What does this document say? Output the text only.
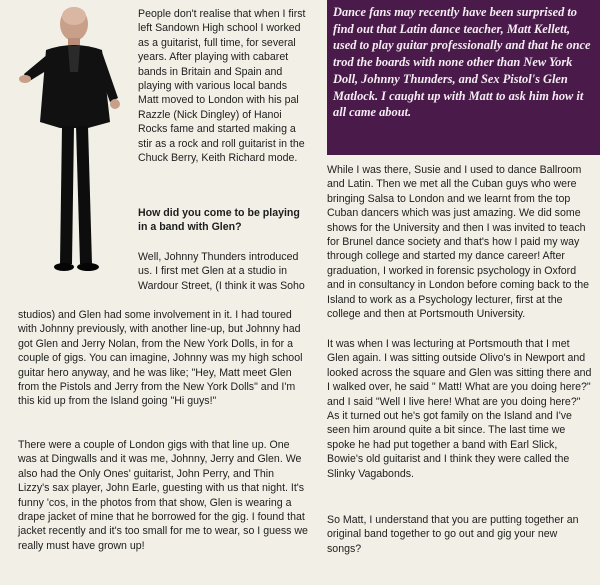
People don't realise that when I first left Sandown High school I worked as a guitarist, full time, for several years. After playing with cabaret bands in Britain and Spain and playing with various local bands Matt moved to London with his pal Razzle (Nick Dingley) of Hanoi Rocks fame and started making a stir as a rock and roll guitarist in the Chuck Berry, Keith Richard mode.

How did you come to be playing in a band with Glen?

Well, Johnny Thunders introduced us. I first met Glen at a studio in Wardour Street, (I think it was Soho

studios) and Glen had some involvement in it. I had toured with Johnny previously, with another line-up, but Johnny had got Glen and Jerry Nolan, from the New York Dolls, in for a couple of gigs. You can imagine, Johnny was my high school guitar hero anyway, and he was like; "Hey, Matt meet Glen from the Pistols and Jerry from the New York Dolls" and I'm this kid up from the Island going "Hi guys!"

There were a couple of London gigs with that line up. One was at Dingwalls and it was me, Johnny, Jerry and Glen. We also had the Only Ones' guitarist, John Perry, and Thin Lizzy's sax player, John Earle, guesting with us that night. It's funny 'cos, in the photos from that show, Glen is wearing a drape jacket of mine that he borrowed for the gig. I found that jacket recently and it's too small for me to wear, so I guess we really must have grown up!

Dance fans may recently have been surprised to find out that Latin dance teacher, Matt Kellett, used to play guitar professionally and that he once trod the boards with none other than New York Doll, Johnny Thunders, and Sex Pistol's Glen Matlock. I caught up with Matt to ask him how it all came about.

While I was there, Susie and I used to dance Ballroom and Latin. Then we met all the Cuban guys who were bringing Salsa to London and we learnt from the top Cuban dancers which was just amazing. We did some shows for the University and then I was invited to teach for Brunel dance society and that's how I paid my way through college and started my dance career! After graduation, I worked in forensic psychology in Oxford and in consultancy in London before coming back to the Island to work as a Psychology lecturer, first at the college and then at Portsmouth University.

It was when I was lecturing at Portsmouth that I met Glen again. I was sitting outside Olivo's in Newport and looked across the square and Glen was sitting there and I walked over, he said " Matt! What are you doing here?" and I said "Well I live here! What are you doing here?" As it turned out he's got family on the Island and I've seen him around quite a bit since. The last time we spoke he had put together a band with Earl Slick, Bowie's old guitarist and I think they were called the Slinky Vagabonds.

So Matt, I understand that you are putting together an original band together to go out and gig your new songs?
